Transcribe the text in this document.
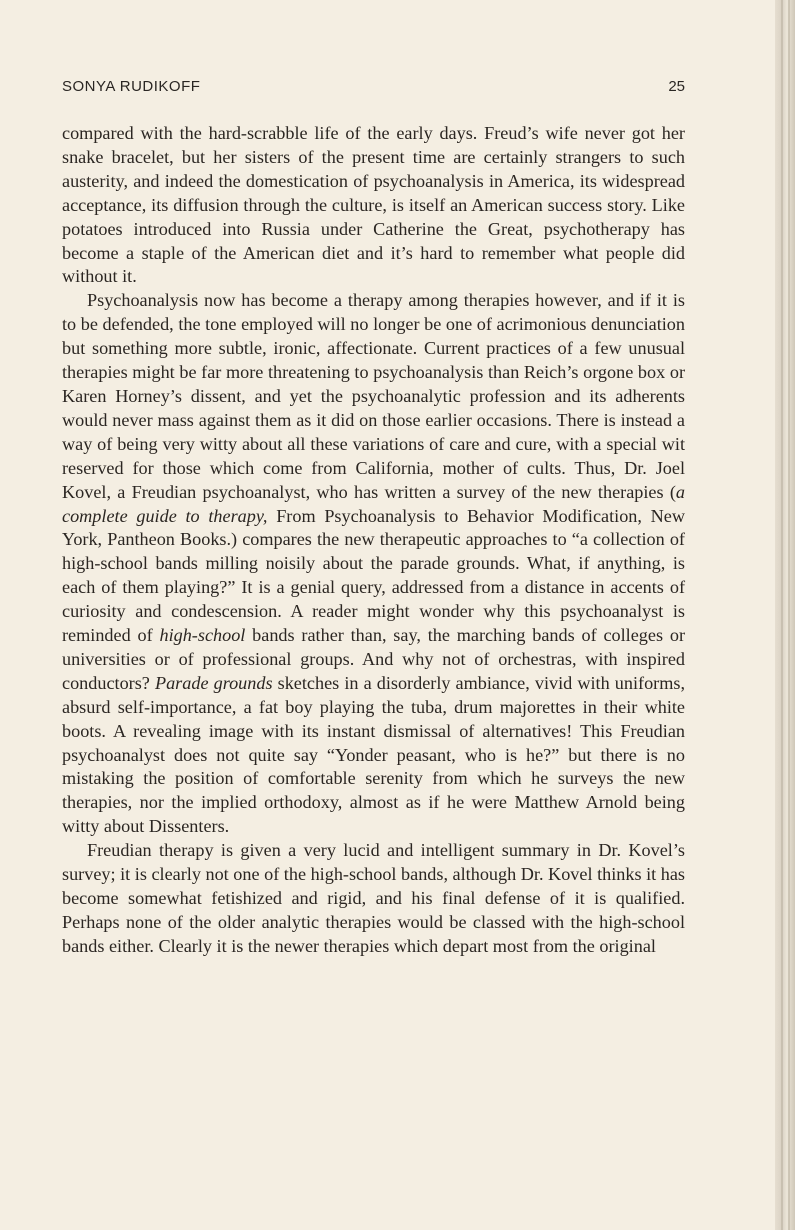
SONYA RUDIKOFF	25

compared with the hard-scrabble life of the early days. Freud’s wife never got her snake bracelet, but her sisters of the present time are certainly strangers to such austerity, and indeed the domestication of psychoanalysis in America, its widespread acceptance, its diffusion through the culture, is itself an American success story. Like potatoes introduced into Russia under Catherine the Great, psychotherapy has become a staple of the American diet and it’s hard to remember what people did without it.

Psychoanalysis now has become a therapy among therapies however, and if it is to be defended, the tone employed will no longer be one of acrimonious denunciation but something more subtle, ironic, affectionate. Current practices of a few unusual therapies might be far more threatening to psychoanalysis than Reich’s orgone box or Karen Horney’s dissent, and yet the psychoanalytic profession and its adherents would never mass against them as it did on those earlier occasions. There is instead a way of being very witty about all these variations of care and cure, with a special wit reserved for those which come from California, mother of cults. Thus, Dr. Joel Kovel, a Freudian psychoanalyst, who has written a survey of the new therapies (a complete guide to therapy, From Psychoanalysis to Behavior Modification, New York, Pantheon Books.) compares the new therapeutic approaches to “a collection of high-school bands milling noisily about the parade grounds. What, if anything, is each of them playing?” It is a genial query, addressed from a distance in accents of curiosity and condescension. A reader might wonder why this psychoanalyst is reminded of high-school bands rather than, say, the marching bands of colleges or universities or of professional groups. And why not of orchestras, with inspired conductors? Parade grounds sketches in a disorderly ambiance, vivid with uniforms, absurd self-importance, a fat boy playing the tuba, drum majorettes in their white boots. A revealing image with its instant dismissal of alternatives! This Freudian psychoanalyst does not quite say “Yonder peasant, who is he?” but there is no mistaking the position of comfortable serenity from which he surveys the new therapies, nor the implied orthodoxy, almost as if he were Matthew Arnold being witty about Dissenters.

Freudian therapy is given a very lucid and intelligent summary in Dr. Kovel’s survey; it is clearly not one of the high-school bands, although Dr. Kovel thinks it has become somewhat fetishized and rigid, and his final defense of it is qualified. Perhaps none of the older analytic therapies would be classed with the high-school bands either. Clearly it is the newer therapies which depart most from the original
